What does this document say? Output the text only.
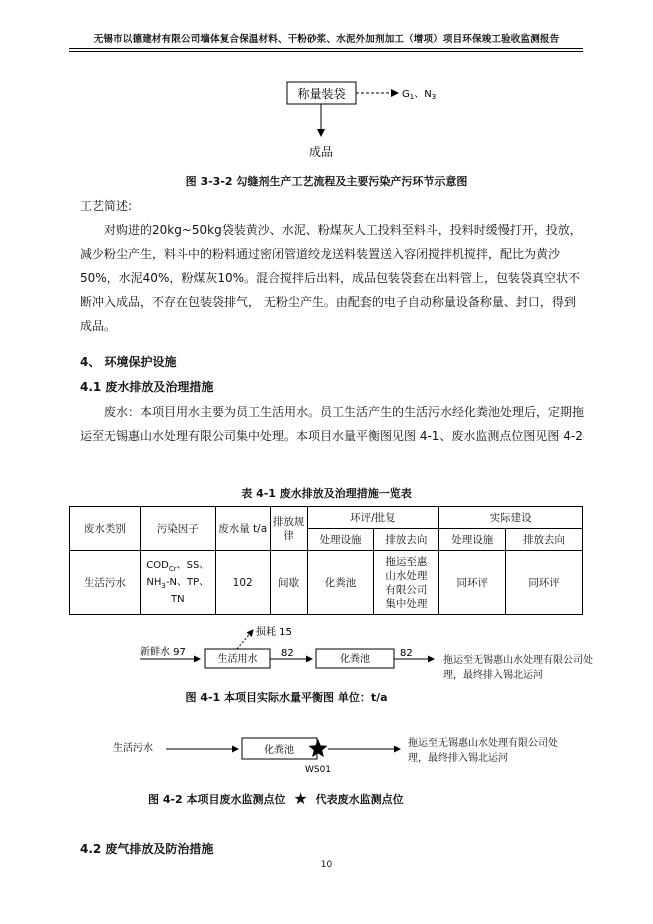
无锡市以德建材有限公司墙体复合保温材料、干粉砂浆、水泥外加剂加工（增项）项目环保竣工验收监测报告
称量装袋	$G_1$、$N_3$
成品
图 3-3-2 勾缝剂生产工艺流程及主要污染产污环节示意图
工艺简述:
对购进的20kg~50kg袋装黄沙、水泥、粉煤灰人工投料至料斗，投料时缓慢打开，投放，减少粉尘产生，料斗中的粉料通过密闭管道绞龙送料装置送入容闭搅拌机搅拌，配比为黄沙50%，水泥40%，粉煤灰10%。混合搅拌后出料，成品包装袋套在出料管上，包装袋真空状不断冲入成品，不存在包装袋排气， 无粉尘产生。由配套的电子自动称量设备称量、封口，得到成品。
4、 环境保护设施
4.1 废水排放及治理措施
废水：本项目用水主要为员工生活用水。员工生活产生的生活污水经化粪池处理后，定期拖运至无锡惠山水处理有限公司集中处理。本项目水量平衡图见图 4-1、废水监测点位图见图 4-2
表 4-1 废水排放及治理措施一览表
废水类别	污染因子	废水量 t/a	排放规律	环评/批复		实际建设	
				处理设施	排放去向	处理设施	排放去向
生活污水	$COD_{Cr}$、SS、
$NH_3-N$、TP、
TN	102	间歇	化粪池	拖运至惠山水处理有限公司集中处理	同环评	同环评
新鲜水 97
生活用水
损耗 15
82
化粪池
82
拖运至无锡惠山水处理有限公司处理，最终排入锡北运河
图 4-1 本项目实际水量平衡图 单位：t/a
生活污水	化粪池
WS01
拖运至无锡惠山水处理有限公司处理，最终排入锡北运河
图 4-2 本项目废水监测点位 ★ 代表废水监测点位
4.2 废气排放及防治措施
10
